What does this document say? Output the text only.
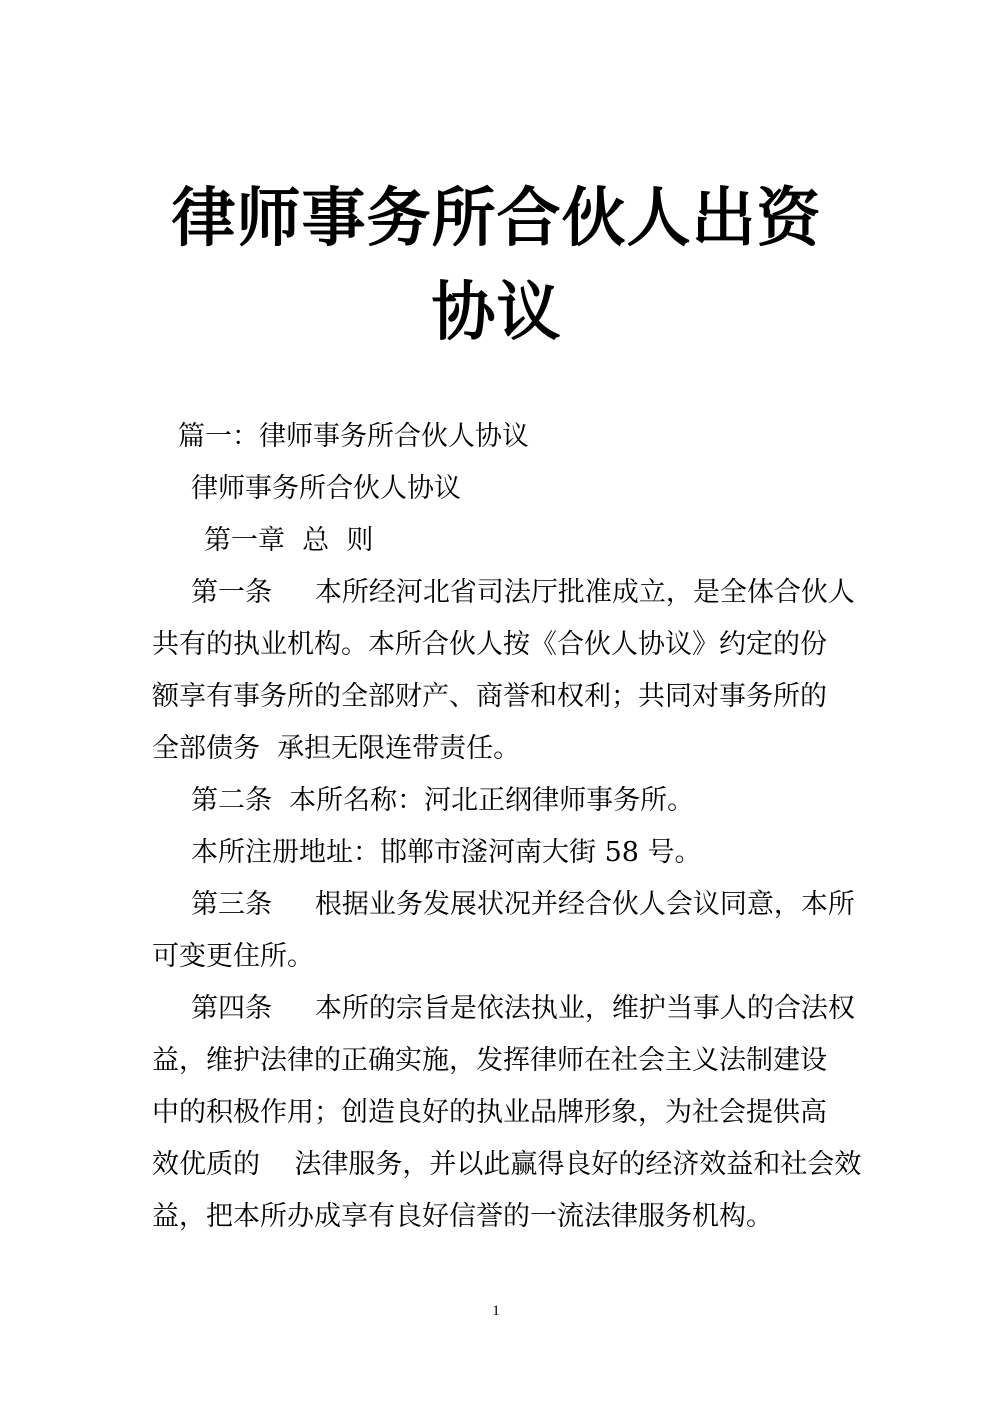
律师事务所合伙人出资协议

篇一：律师事务所合伙人协议

律师事务所合伙人协议

第一章  总  则

第一条     本所经河北省司法厅批准成立，是全体合伙人

共有的执业机构。本所合伙人按《合伙人协议》约定的份

额享有事务所的全部财产、商誉和权利；共同对事务所的

全部债务  承担无限连带责任。

第二条  本所名称：河北正纲律师事务所。

本所注册地址：邯郸市滏河南大街 58 号。

第三条     根据业务发展状况并经合伙人会议同意，本所

可变更住所。

第四条     本所的宗旨是依法执业，维护当事人的合法权

益，维护法律的正确实施，发挥律师在社会主义法制建设

中的积极作用；创造良好的执业品牌形象，为社会提供高

效优质的    法律服务，并以此赢得良好的经济效益和社会效

益，把本所办成享有良好信誉的一流法律服务机构。

1
